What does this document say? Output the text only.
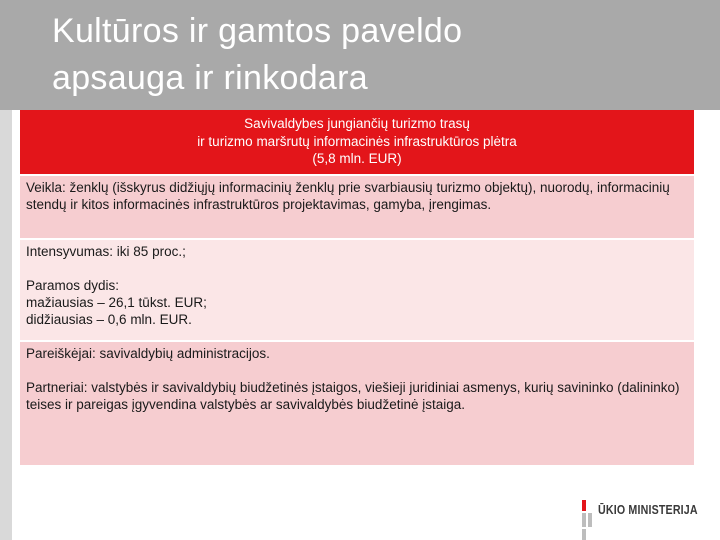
Kultūros ir gamtos paveldo
apsauga ir rinkodara
Savivaldybes jungiančių turizmo trasų
ir turizmo maršrutų informacinės infrastruktūros plėtra
(5,8 mln. EUR)
Veikla: ženklų (išskyrus didžiųjų informacinių ženklų prie svarbiausių turizmo objektų), nuorodų, informacinių stendų ir kitos informacinės infrastruktūros projektavimas, gamyba, įrengimas.
Intensyvumas: iki 85 proc.;
Paramos dydis:
mažiausias – 26,1 tūkst. EUR;
didžiausias – 0,6 mln. EUR.
Pareiškėjai: savivaldybių administracijos.
Partneriai: valstybės ir savivaldybių biudžetinės įstaigos, viešieji juridiniai asmenys, kurių savininko (dalininko) teises ir pareigas įgyvendina valstybės ar savivaldybės biudžetinė įstaiga.
ŪKIO MINISTERIJA
